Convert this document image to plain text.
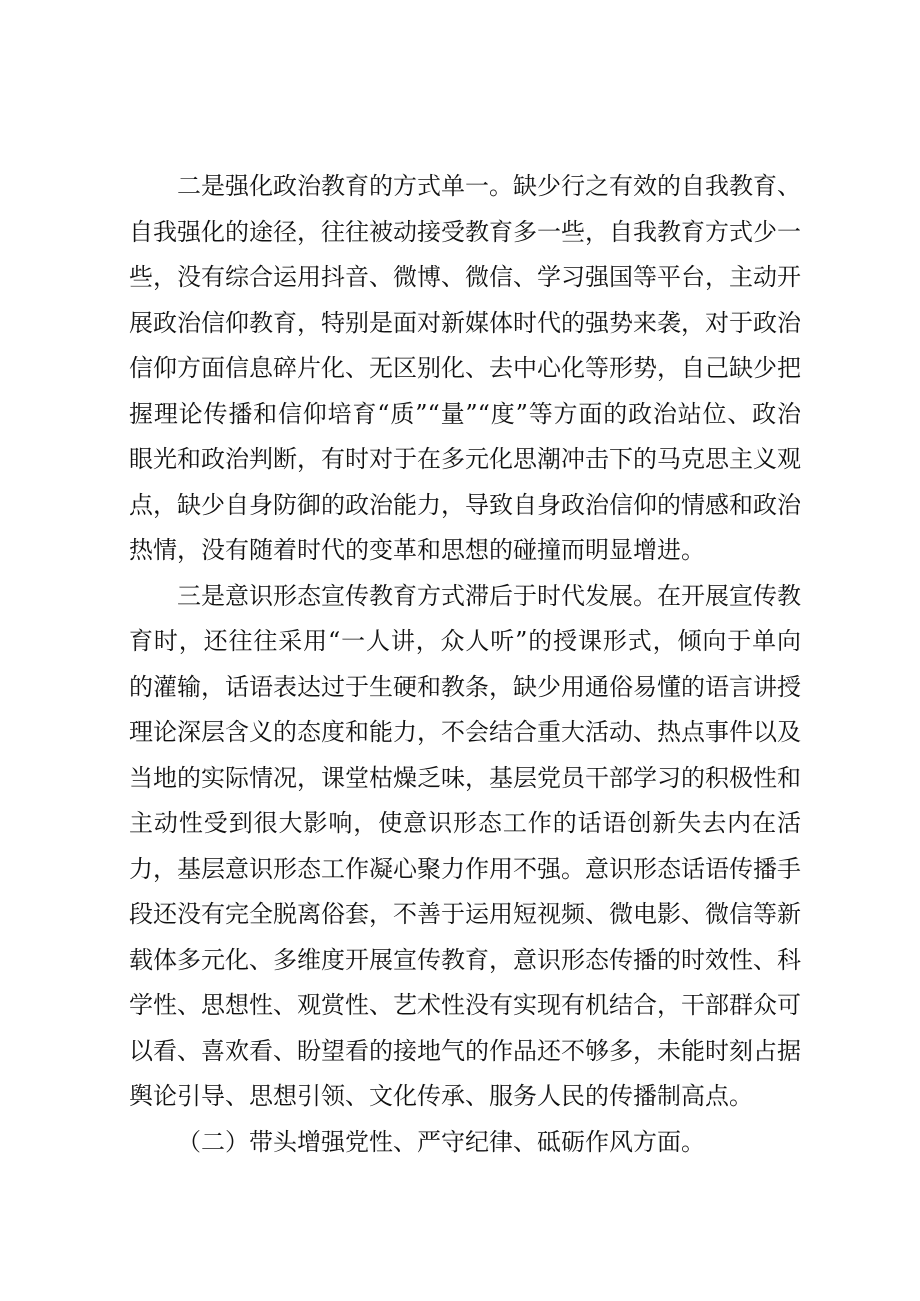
二是强化政治教育的方式单一。缺少行之有效的自我教育、自我强化的途径，往往被动接受教育多一些，自我教育方式少一些，没有综合运用抖音、微博、微信、学习强国等平台，主动开展政治信仰教育，特别是面对新媒体时代的强势来袭，对于政治信仰方面信息碎片化、无区别化、去中心化等形势，自己缺少把握理论传播和信仰培育“质”“量”“度”等方面的政治站位、政治眼光和政治判断，有时对于在多元化思潮冲击下的马克思主义观点，缺少自身防御的政治能力，导致自身政治信仰的情感和政治热情，没有随着时代的变革和思想的碰撞而明显增进。

三是意识形态宣传教育方式滞后于时代发展。在开展宣传教育时，还往往采用“一人讲，众人听”的授课形式，倾向于单向的灌输，话语表达过于生硬和教条，缺少用通俗易懂的语言讲授理论深层含义的态度和能力，不会结合重大活动、热点事件以及当地的实际情况，课堂枯燥乏味，基层党员干部学习的积极性和主动性受到很大影响，使意识形态工作的话语创新失去内在活力，基层意识形态工作凝心聚力作用不强。意识形态话语传播手段还没有完全脱离俗套，不善于运用短视频、微电影、微信等新载体多元化、多维度开展宣传教育，意识形态传播的时效性、科学性、思想性、观赏性、艺术性没有实现有机结合，干部群众可以看、喜欢看、盼望看的接地气的作品还不够多，未能时刻占据舆论引导、思想引领、文化传承、服务人民的传播制高点。

（二）带头增强党性、严守纪律、砥砺作风方面。
